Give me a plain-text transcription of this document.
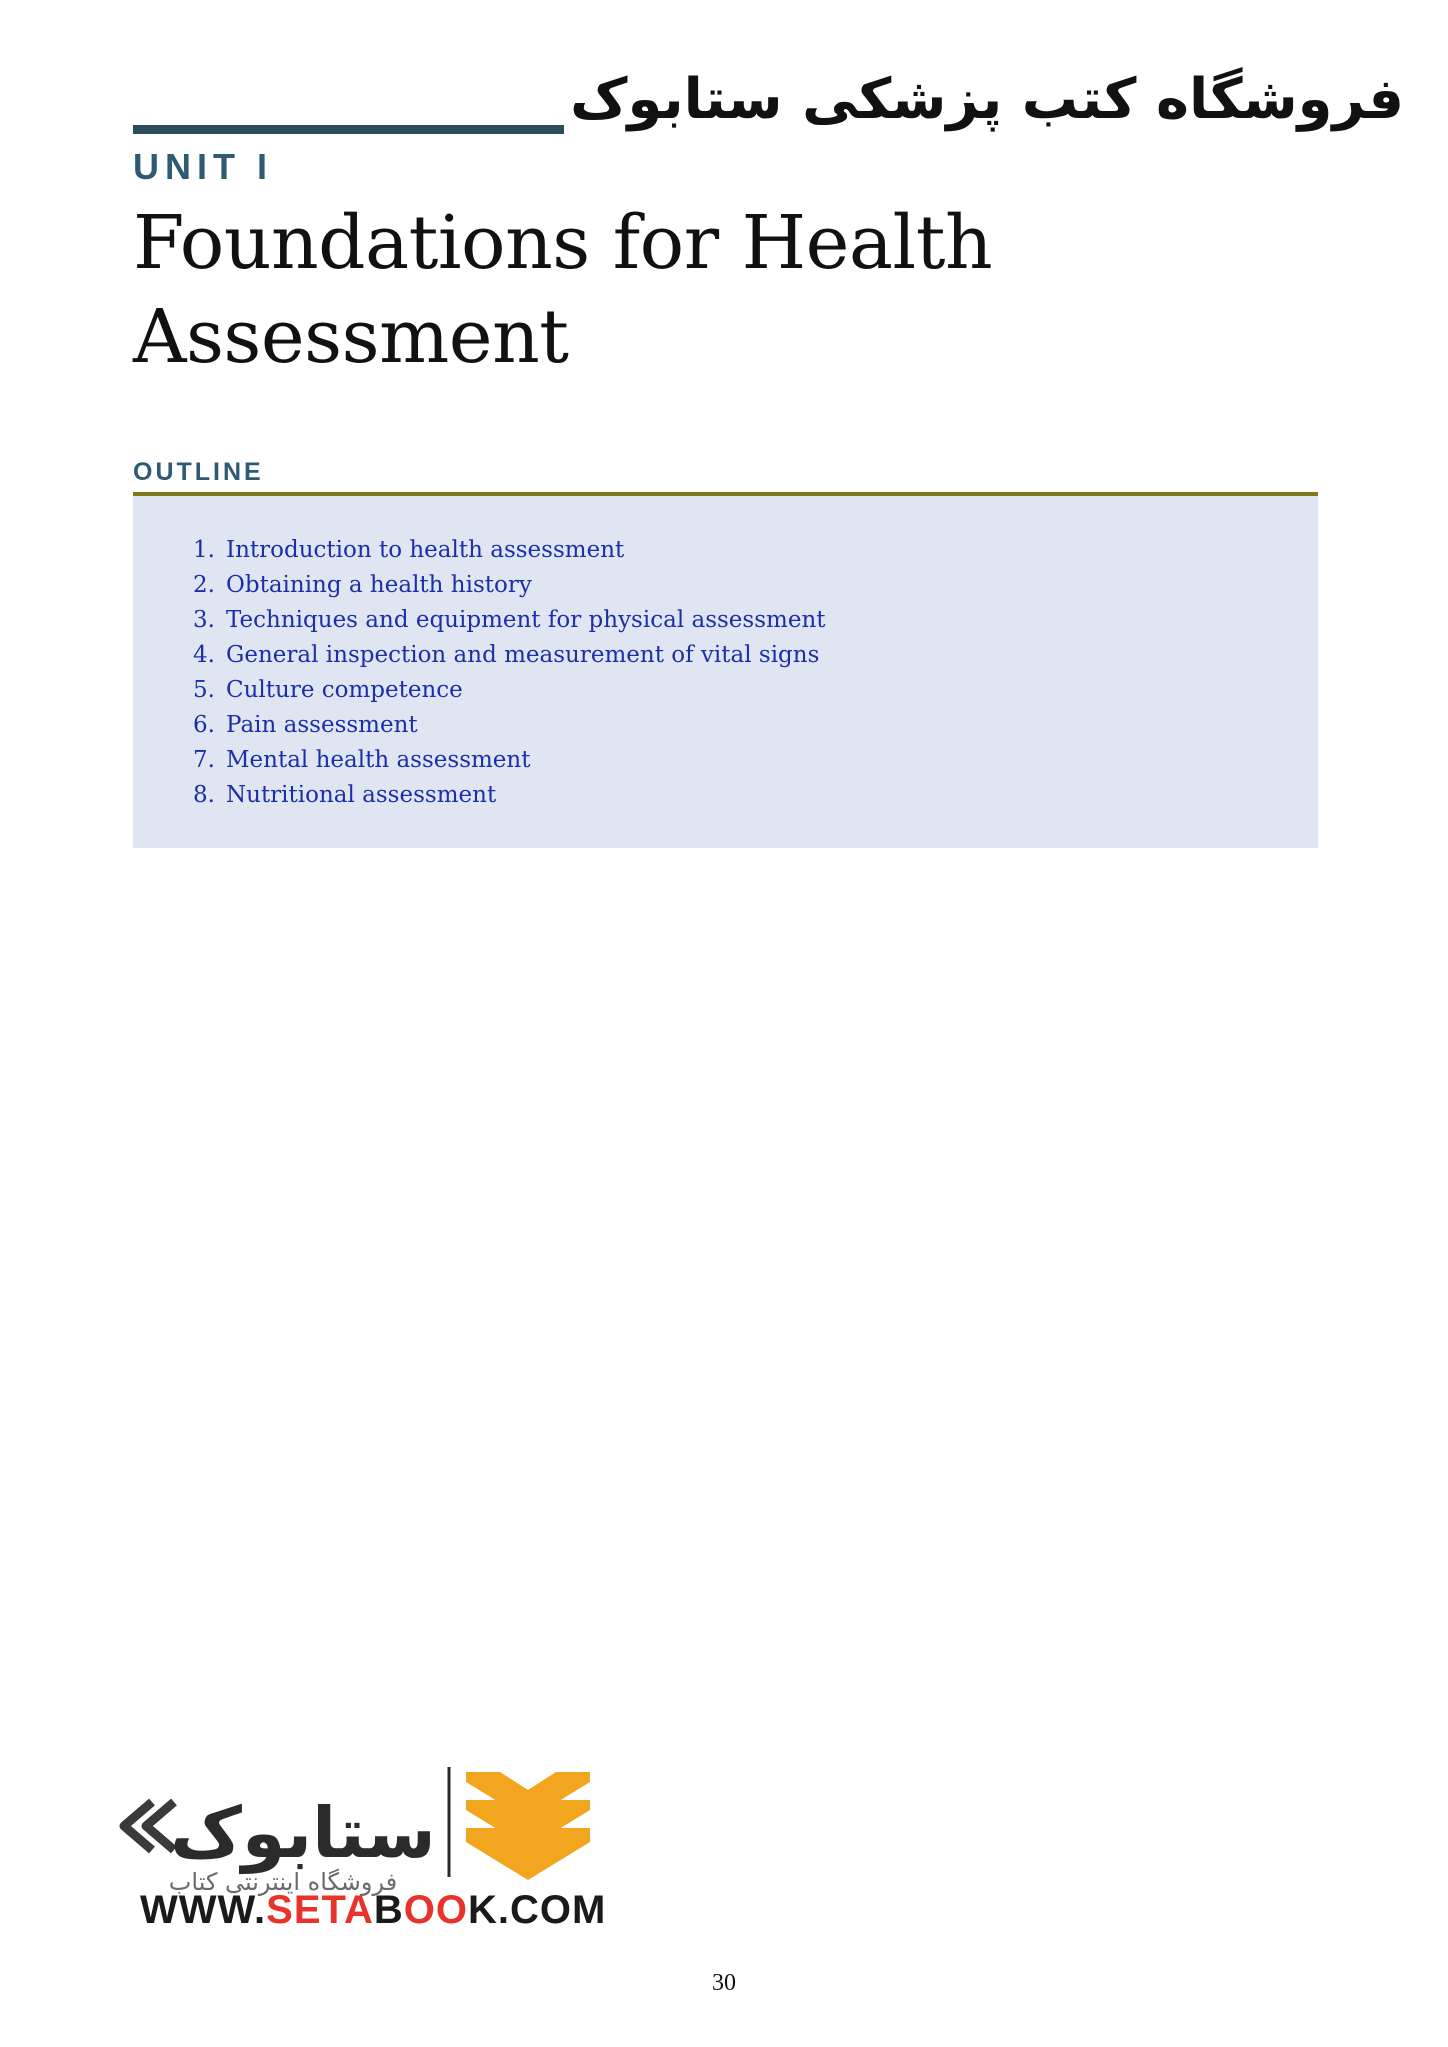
فروشگاه کتب پزشکی ستابوک
UNIT I
Foundations for Health
Assessment
OUTLINE
1. Introduction to health assessment
2. Obtaining a health history
3. Techniques and equipment for physical assessment
4. General inspection and measurement of vital signs
5. Culture competence
6. Pain assessment
7. Mental health assessment
8. Nutritional assessment
ستابوک
فروشگاه اینترنتی کتاب
WWW.SETABOOK.COM
30
